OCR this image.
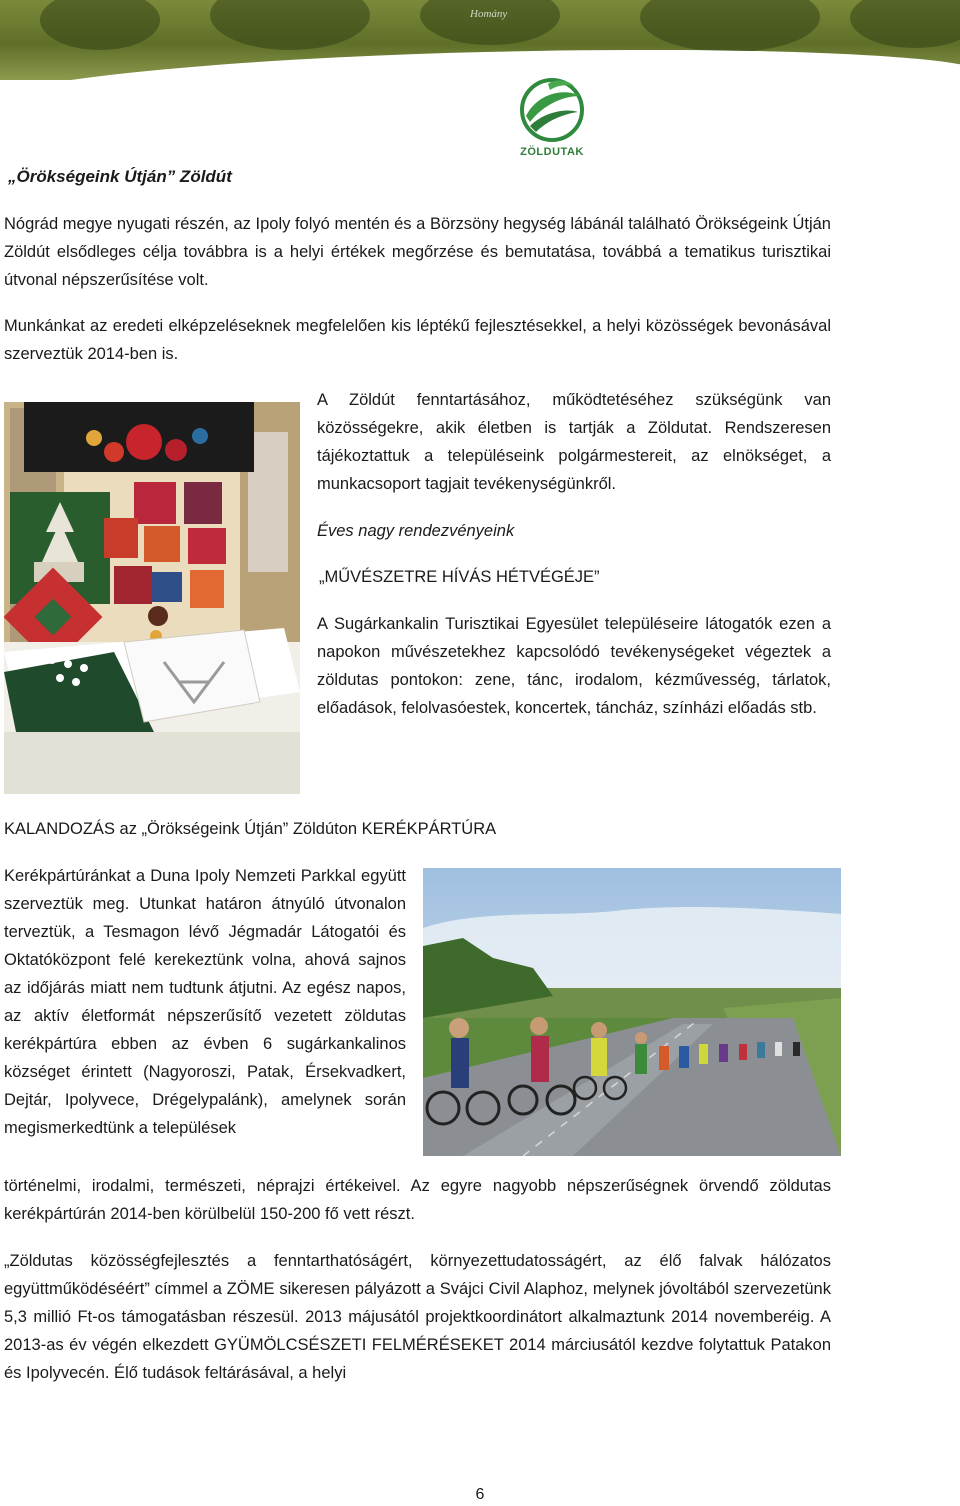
Homány
ZÖLDUTAK

„Örökségeink Útján” Zöldút

Nógrád megye nyugati részén, az Ipoly folyó mentén és a Börzsöny hegység lábánál található Örökségeink Útján Zöldút elsődleges célja továbbra is a helyi értékek megőrzése és bemutatása, továbbá a tematikus turisztikai útvonal népszerűsítése volt.

Munkánkat az eredeti elképzeléseknek megfelelően kis léptékű fejlesztésekkel, a helyi közösségek bevonásával szerveztük 2014-ben is.

A Zöldút fenntartásához, működtetéséhez szükségünk van közösségekre, akik életben is tartják a Zöldutat. Rendszeresen tájékoztattuk a településeink polgármestereit, az elnökséget, a munkacsoport tagjait tevékenységünkről.

Éves nagy rendezvényeink

„MŰVÉSZETRE HÍVÁS HÉTVÉGÉJE”

A Sugárkankalin Turisztikai Egyesület településeire látogatók ezen a napokon művészetekhez kapcsolódó tevékenységeket végeztek a zöldutas pontokon: zene, tánc, irodalom, kézművesség, tárlatok, előadások, felolvasóestek, koncertek, táncház, színházi előadás stb.

KALANDOZÁS az „Örökségeink Útján” Zöldúton KERÉKPÁRTÚRA

Kerékpártúránkat a Duna Ipoly Nemzeti Parkkal együtt szerveztük meg. Utunkat határon átnyúló útvonalon terveztük, a Tesmagon lévő Jégmadár Látogatói és Oktatóközpont felé kerekeztünk volna, ahová sajnos az időjárás miatt nem tudtunk átjutni. Az egész napos, az aktív életformát népszerűsítő vezetett zöldutas kerékpártúra ebben az évben 6 sugárkankalinos községet érintett (Nagyoroszi, Patak, Érsekvadkert, Dejtár, Ipolyvece, Drégelypalánk), amelynek során megismerkedtünk a települések

történelmi, irodalmi, természeti, néprajzi értékeivel. Az egyre nagyobb népszerűségnek örvendő zöldutas kerékpártúrán 2014-ben körülbelül 150-200 fő vett részt.

„Zöldutas közösségfejlesztés a fenntarthatóságért, környezettudatosságért, az élő falvak hálózatos együttműködéséért” címmel a ZÖME sikeresen pályázott a Svájci Civil Alaphoz, melynek jóvoltából szervezetünk 5,3 millió Ft-os támogatásban részesül. 2013 májusától projektkoordinátort alkalmaztunk 2014 novemberéig. A 2013-as év végén elkezdett GYÜMÖLCSÉSZETI FELMÉRÉSEKET 2014 márciusától kezdve folytattuk Patakon és Ipolyvecén. Élő tudások feltárásával, a helyi

6
